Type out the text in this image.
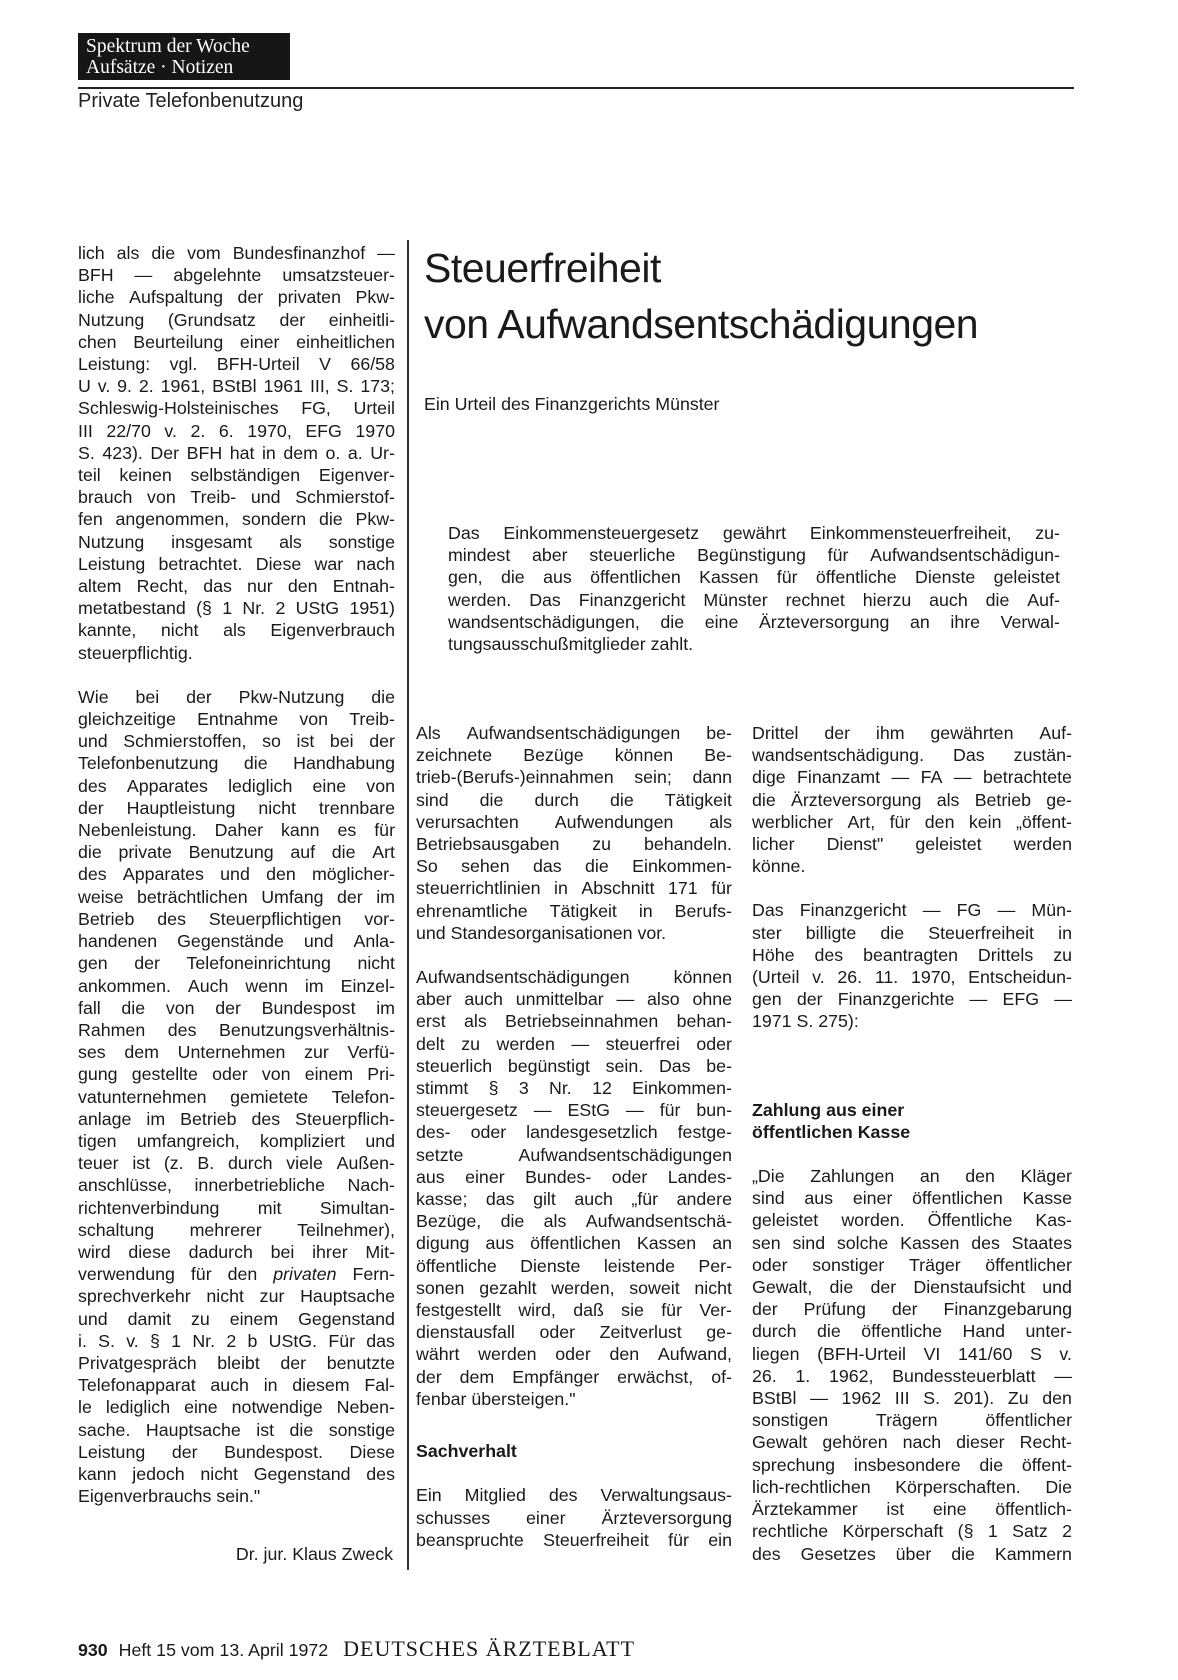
Spektrum der Woche
Aufsätze · Notizen
Private Telefonbenutzung

lich als die vom Bundesfinanzhof —
BFH — abgelehnte umsatzsteuer-
liche Aufspaltung der privaten Pkw-
Nutzung (Grundsatz der einheitli-
chen Beurteilung einer einheitlichen
Leistung: vgl. BFH-Urteil V 66/58
U v. 9. 2. 1961, BStBl 1961 III, S. 173;
Schleswig-Holsteinisches FG, Urteil
III 22/70 v. 2. 6. 1970, EFG 1970
S. 423). Der BFH hat in dem o. a. Ur-
teil keinen selbständigen Eigenver-
brauch von Treib- und Schmierstof-
fen angenommen, sondern die Pkw-
Nutzung insgesamt als sonstige
Leistung betrachtet. Diese war nach
altem Recht, das nur den Entnah-
metatbestand (§ 1 Nr. 2 UStG 1951)
kannte, nicht als Eigenverbrauch
steuerpflichtig.

Wie bei der Pkw-Nutzung die
gleichzeitige Entnahme von Treib-
und Schmierstoffen, so ist bei der
Telefonbenutzung die Handhabung
des Apparates lediglich eine von
der Hauptleistung nicht trennbare
Nebenleistung. Daher kann es für
die private Benutzung auf die Art
des Apparates und den möglicher-
weise beträchtlichen Umfang der im
Betrieb des Steuerpflichtigen vor-
handenen Gegenstände und Anla-
gen der Telefoneinrichtung nicht
ankommen. Auch wenn im Einzel-
fall die von der Bundespost im
Rahmen des Benutzungsverhältnis-
ses dem Unternehmen zur Verfü-
gung gestellte oder von einem Pri-
vatunternehmen gemietete Telefon-
anlage im Betrieb des Steuerpflich-
tigen umfangreich, kompliziert und
teuer ist (z. B. durch viele Außen-
anschlüsse, innerbetriebliche Nach-
richtenverbindung mit Simultan-
schaltung mehrerer Teilnehmer),
wird diese dadurch bei ihrer Mit-
verwendung für den privaten Fern-
sprechverkehr nicht zur Hauptsache
und damit zu einem Gegenstand
i. S. v. § 1 Nr. 2 b UStG. Für das
Privatgespräch bleibt der benutzte
Telefonapparat auch in diesem Fal-
le lediglich eine notwendige Neben-
sache. Hauptsache ist die sonstige
Leistung der Bundespost. Diese
kann jedoch nicht Gegenstand des
Eigenverbrauchs sein."

Dr. jur. Klaus Zweck
Steuerfreiheit
von Aufwandsentschädigungen
Ein Urteil des Finanzgerichts Münster
Das Einkommensteuergesetz gewährt Einkommensteuerfreiheit, zu-
mindest aber steuerliche Begünstigung für Aufwandsentschädigun-
gen, die aus öffentlichen Kassen für öffentliche Dienste geleistet
werden. Das Finanzgericht Münster rechnet hierzu auch die Auf-
wandsentschädigungen, die eine Ärzteversorgung an ihre Verwal-
tungsausschußmitglieder zahlt.

Als Aufwandsentschädigungen be-
zeichnete Bezüge können Be-
trieb-(Berufs-)einnahmen sein; dann
sind die durch die Tätigkeit
verursachten Aufwendungen als
Betriebsausgaben zu behandeln.
So sehen das die Einkommen-
steuerrichtlinien in Abschnitt 171 für
ehrenamtliche Tätigkeit in Berufs-
und Standesorganisationen vor.

Aufwandsentschädigungen können
aber auch unmittelbar — also ohne
erst als Betriebseinnahmen behan-
delt zu werden — steuerfrei oder
steuerlich begünstigt sein. Das be-
stimmt § 3 Nr. 12 Einkommen-
steuergesetz — EStG — für bun-
des- oder landesgesetzlich festge-
setzte	Aufwandsentschädigungen
aus einer Bundes- oder Landes-
kasse; das gilt auch „für andere
Bezüge, die als Aufwandsentschä-
digung aus öffentlichen Kassen an
öffentliche Dienste leistende Per-
sonen gezahlt werden, soweit nicht
festgestellt wird, daß sie für Ver-
dienstausfall oder Zeitverlust ge-
währt werden oder den Aufwand,
der dem Empfänger erwächst, of-
fenbar übersteigen."

Sachverhalt

Ein Mitglied des Verwaltungsaus-
schusses einer Ärzteversorgung
beanspruchte Steuerfreiheit für ein

Drittel der ihm gewährten Auf-
wandsentschädigung. Das zustän-
dige Finanzamt — FA — betrachtete
die Ärzteversorgung als Betrieb ge-
werblicher Art, für den kein „öffent-
licher Dienst" geleistet werden
könne.

Das Finanzgericht — FG — Mün-
ster billigte die Steuerfreiheit in
Höhe des beantragten Drittels zu
(Urteil v. 26. 11. 1970, Entscheidun-
gen der Finanzgerichte — EFG —
1971 S. 275):

Zahlung aus einer
öffentlichen Kasse

„Die Zahlungen an den Kläger
sind aus einer öffentlichen Kasse
geleistet worden. Öffentliche Kas-
sen sind solche Kassen des Staates
oder sonstiger Träger öffentlicher
Gewalt, die der Dienstaufsicht und
der Prüfung der Finanzgebarung
durch die öffentliche Hand unter-
liegen (BFH-Urteil VI 141/60 S v.
26. 1. 1962, Bundessteuerblatt —
BStBl — 1962 III S. 201). Zu den
sonstigen	Trägern	öffentlicher
Gewalt gehören nach dieser Recht-
sprechung insbesondere die öffent-
lich-rechtlichen Körperschaften. Die
Ärztekammer ist eine öffentlich-
rechtliche Körperschaft (§ 1 Satz 2
des Gesetzes über die Kammern

930 Heft 15 vom 13. April 1972 DEUTSCHES ÄRZTEBLATT
